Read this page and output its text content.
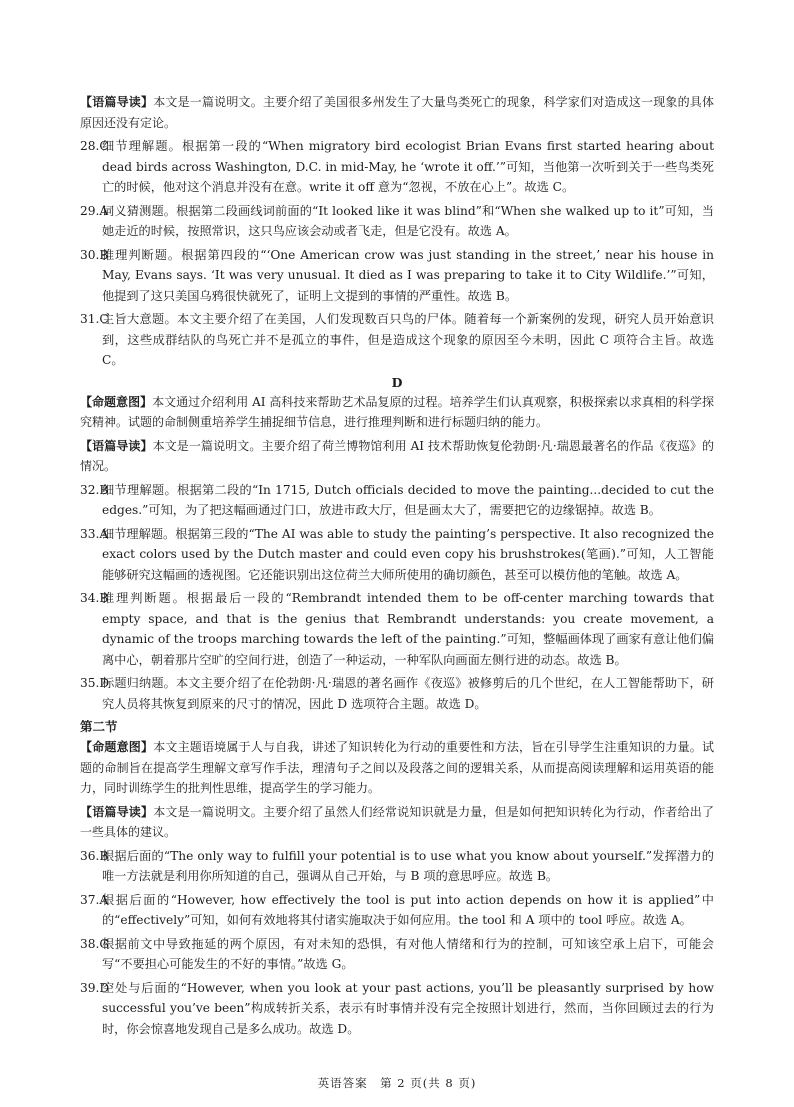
【语篇导读】本文是一篇说明文。主要介绍了美国很多州发生了大量鸟类死亡的现象，科学家们对造成这一现象的具体原因还没有定论。

28.C
细节理解题。根据第一段的“When migratory bird ecologist Brian Evans first started hearing about dead birds across Washington, D.C. in mid-May, he ‘wrote it off.’”可知，当他第一次听到关于一些鸟类死亡的时候，他对这个消息并没有在意。write it off 意为“忽视，不放在心上”。故选 C。
29.A
词义猜测题。根据第二段画线词前面的“It looked like it was blind”和“When she walked up to it”可知，当她走近的时候，按照常识，这只鸟应该会动或者飞走，但是它没有。故选 A。
30.B
推理判断题。根据第四段的“‘One American crow was just standing in the street,’ near his house in May, Evans says. ‘It was very unusual. It died as I was preparing to take it to City Wildlife.’”可知，他提到了这只美国乌鸦很快就死了，证明上文提到的事情的严重性。故选 B。
31.C
主旨大意题。本文主要介绍了在美国，人们发现数百只鸟的尸体。随着每一个新案例的发现，研究人员开始意识到，这些成群结队的鸟死亡并不是孤立的事件，但是造成这个现象的原因至今未明，因此 C 项符合主旨。故选 C。
D

【命题意图】本文通过介绍利用 AI 高科技来帮助艺术品复原的过程。培养学生们认真观察，积极探索以求真相的科学探究精神。试题的命制侧重培养学生捕捉细节信息，进行推理判断和进行标题归纳的能力。

【语篇导读】本文是一篇说明文。主要介绍了荷兰博物馆利用 AI 技术帮助恢复伦勃朗·凡·瑞恩最著名的作品《夜巡》的情况。

32.B
细节理解题。根据第二段的“In 1715, Dutch officials decided to move the painting...decided to cut the edges.”可知，为了把这幅画通过门口，放进市政大厅，但是画太大了，需要把它的边缘锯掉。故选 B。
33.A
细节理解题。根据第三段的“The AI was able to study the painting’s perspective. It also recognized the exact colors used by the Dutch master and could even copy his brushstrokes(笔画).”可知，人工智能能够研究这幅画的透视图。它还能识别出这位荷兰大师所使用的确切颜色，甚至可以模仿他的笔触。故选 A。
34.B
推理判断题。根据最后一段的“Rembrandt intended them to be off-center marching towards that empty space, and that is the genius that Rembrandt understands: you create movement, a dynamic of the troops marching towards the left of the painting.”可知，整幅画体现了画家有意让他们偏离中心，朝着那片空旷的空间行进，创造了一种运动，一种军队向画面左侧行进的动态。故选 B。
35.D
标题归纳题。本文主要介绍了在伦勃朗·凡·瑞恩的著名画作《夜巡》被修剪后的几个世纪，在人工智能帮助下，研究人员将其恢复到原来的尺寸的情况，因此 D 选项符合主题。故选 D。
第二节

【命题意图】本文主题语境属于人与自我，讲述了知识转化为行动的重要性和方法，旨在引导学生注重知识的力量。试题的命制旨在提高学生理解文章写作手法，理清句子之间以及段落之间的逻辑关系，从而提高阅读理解和运用英语的能力，同时训练学生的批判性思维，提高学生的学习能力。

【语篇导读】本文是一篇说明文。主要介绍了虽然人们经常说知识就是力量，但是如何把知识转化为行动，作者给出了一些具体的建议。

36.B
根据后面的“The only way to fulfill your potential is to use what you know about yourself.”发挥潜力的唯一方法就是利用你所知道的自己，强调从自己开始，与 B 项的意思呼应。故选 B。
37.A
根据后面的“However, how effectively the tool is put into action depends on how it is applied”中的“effectively”可知，如何有效地将其付诸实施取决于如何应用。the tool 和 A 项中的 tool 呼应。故选 A。
38.G
根据前文中导致拖延的两个原因，有对未知的恐惧，有对他人情绪和行为的控制，可知该空承上启下，可能会写“不要担心可能发生的不好的事情。”故选 G。
39.D
空处与后面的“However, when you look at your past actions, you’ll be pleasantly surprised by how successful you’ve been”构成转折关系，表示有时事情并没有完全按照计划进行，然而，当你回顾过去的行为时，你会惊喜地发现自己是多么成功。故选 D。
英语答案　第 2 页(共 8 页)
